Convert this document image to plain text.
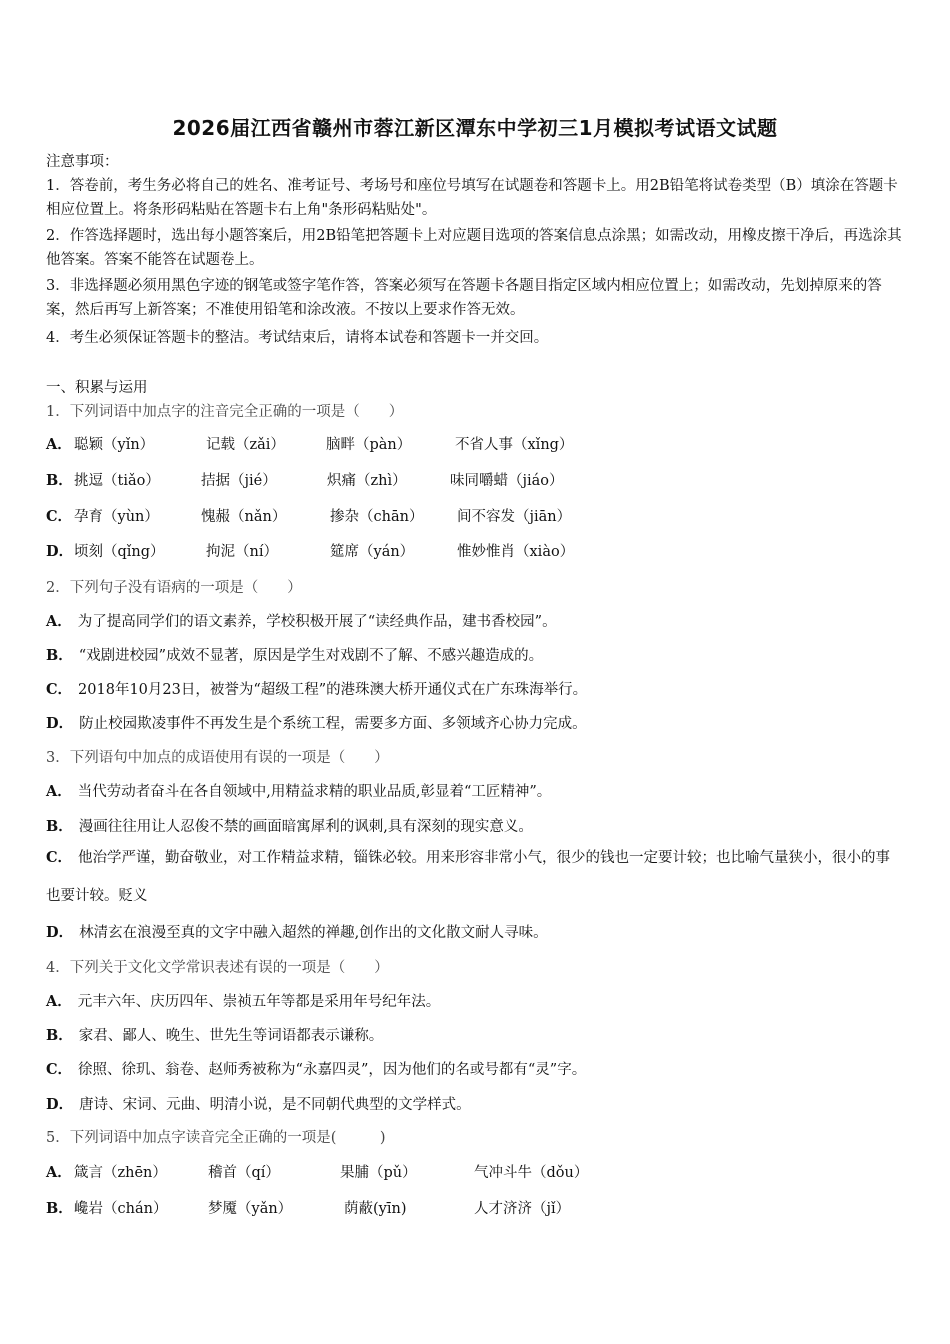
2026届江西省赣州市蓉江新区潭东中学初三1月模拟考试语文试题
注意事项：
1．答卷前，考生务必将自己的姓名、准考证号、考场号和座位号填写在试题卷和答题卡上。用2B铅笔将试卷类型（B）填涂在答题卡相应位置上。将条形码粘贴在答题卡右上角"条形码粘贴处"。
2．作答选择题时，选出每小题答案后，用2B铅笔把答题卡上对应题目选项的答案信息点涂黑；如需改动，用橡皮擦干净后，再选涂其他答案。答案不能答在试题卷上。
3．非选择题必须用黑色字迹的钢笔或签字笔作答，答案必须写在答题卡各题目指定区域内相应位置上；如需改动，先划掉原来的答案，然后再写上新答案；不准使用铅笔和涂改液。不按以上要求作答无效。
4．考生必须保证答题卡的整洁。考试结束后，请将本试卷和答题卡一并交回。
一、积累与运用
1．下列词语中加点字的注音完全正确的一项是（　　）
A． 聪颖（yǐn）	记载（zǎi）	脑畔（pàn）	不省人事（xǐng）
B． 挑逗（tiǎo）	拮据（jié）	炽痛（zhì）	味同嚼蜡（jiáo）
C． 孕育（yùn）	愧赧（nǎn）	掺杂（chān） 间不容发（jiān）
D． 顷刻（qǐng）	拘泥（ní）	筵席（yán）	惟妙惟肖（xiào）
2．下列句子没有语病的一项是（　　）
A． 为了提高同学们的语文素养，学校积极开展了“读经典作品，建书香校园”。
B． “戏剧进校园”成效不显著，原因是学生对戏剧不了解、不感兴趣造成的。
C． 2018年10月23日，被誉为“超级工程”的港珠澳大桥开通仪式在广东珠海举行。
D． 防止校园欺凌事件不再发生是个系统工程，需要多方面、多领域齐心协力完成。
3．下列语句中加点的成语使用有误的一项是（　　）
A． 当代劳动者奋斗在各自领域中,用精益求精的职业品质,彰显着“工匠精神”。
B． 漫画往往用让人忍俊不禁的画面暗寓犀利的讽刺,具有深刻的现实意义。
C． 他治学严谨，勤奋敬业，对工作精益求精，锱铢必较。用来形容非常小气，很少的钱也一定要计较；也比喻气量狭小，很小的事也要计较。贬义
D． 林清玄在浪漫至真的文字中融入超然的禅趣,创作出的文化散文耐人寻味。
4．下列关于文化文学常识表述有误的一项是（　　）
A． 元丰六年、庆历四年、崇祯五年等都是采用年号纪年法。
B． 家君、鄙人、晚生、世先生等词语都表示谦称。
C． 徐照、徐玑、翁卷、赵师秀被称为“永嘉四灵”，因为他们的名或号都有“灵”字。
D． 唐诗、宋词、元曲、明清小说，是不同朝代典型的文学样式。
5．下列词语中加点字读音完全正确的一项是(　　　)
A． 箴言（zhēn）	稽首（qí）	果脯（pǔ）	气冲斗牛（dǒu）
B． 巉岩（chán）	梦魇（yǎn）	荫蔽(yīn)	人才济济（jǐ）
